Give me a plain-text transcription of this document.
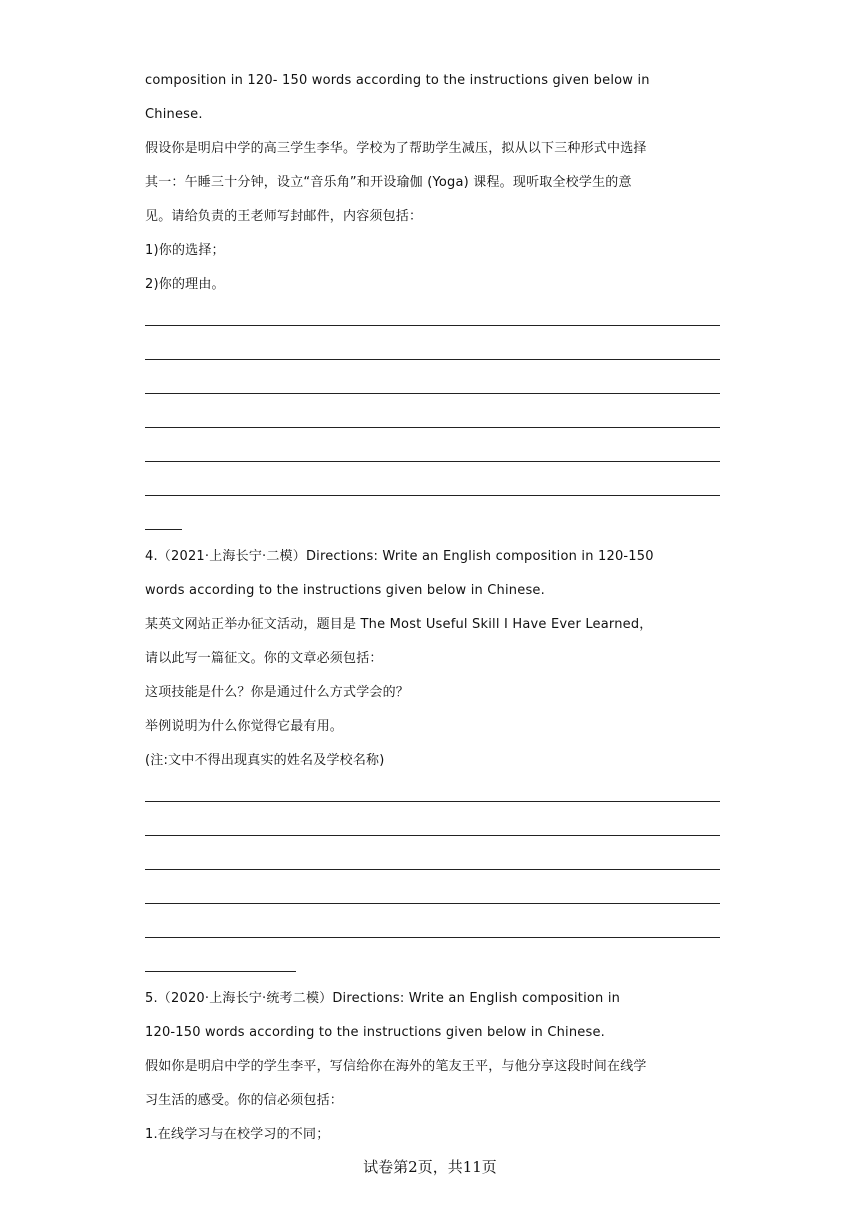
composition in 120- 150 words according to the instructions given below in
Chinese.
假设你是明启中学的高三学生李华。学校为了帮助学生减压，拟从以下三种形式中选择
其一：午睡三十分钟，设立“音乐角”和开设瑜伽 (Yoga) 课程。现听取全校学生的意
见。请给负责的王老师写封邮件，内容须包括：
1)你的选择；
2)你的理由。
4.（2021·上海长宁·二模）Directions: Write an English composition in 120-150
words according to the instructions given below in Chinese.
某英文网站正举办征文活动，题目是 The Most Useful Skill I Have Ever Learned，
请以此写一篇征文。你的文章必须包括：
这项技能是什么？你是通过什么方式学会的？
举例说明为什么你觉得它最有用。
(注:文中不得出现真实的姓名及学校名称)
5.（2020·上海长宁·统考二模）Directions: Write an English composition in
120-150 words according to the instructions given below in Chinese.
假如你是明启中学的学生李平，写信给你在海外的笔友王平，与他分享这段时间在线学
习生活的感受。你的信必须包括：
1.在线学习与在校学习的不同；
试卷第2页，共11页
